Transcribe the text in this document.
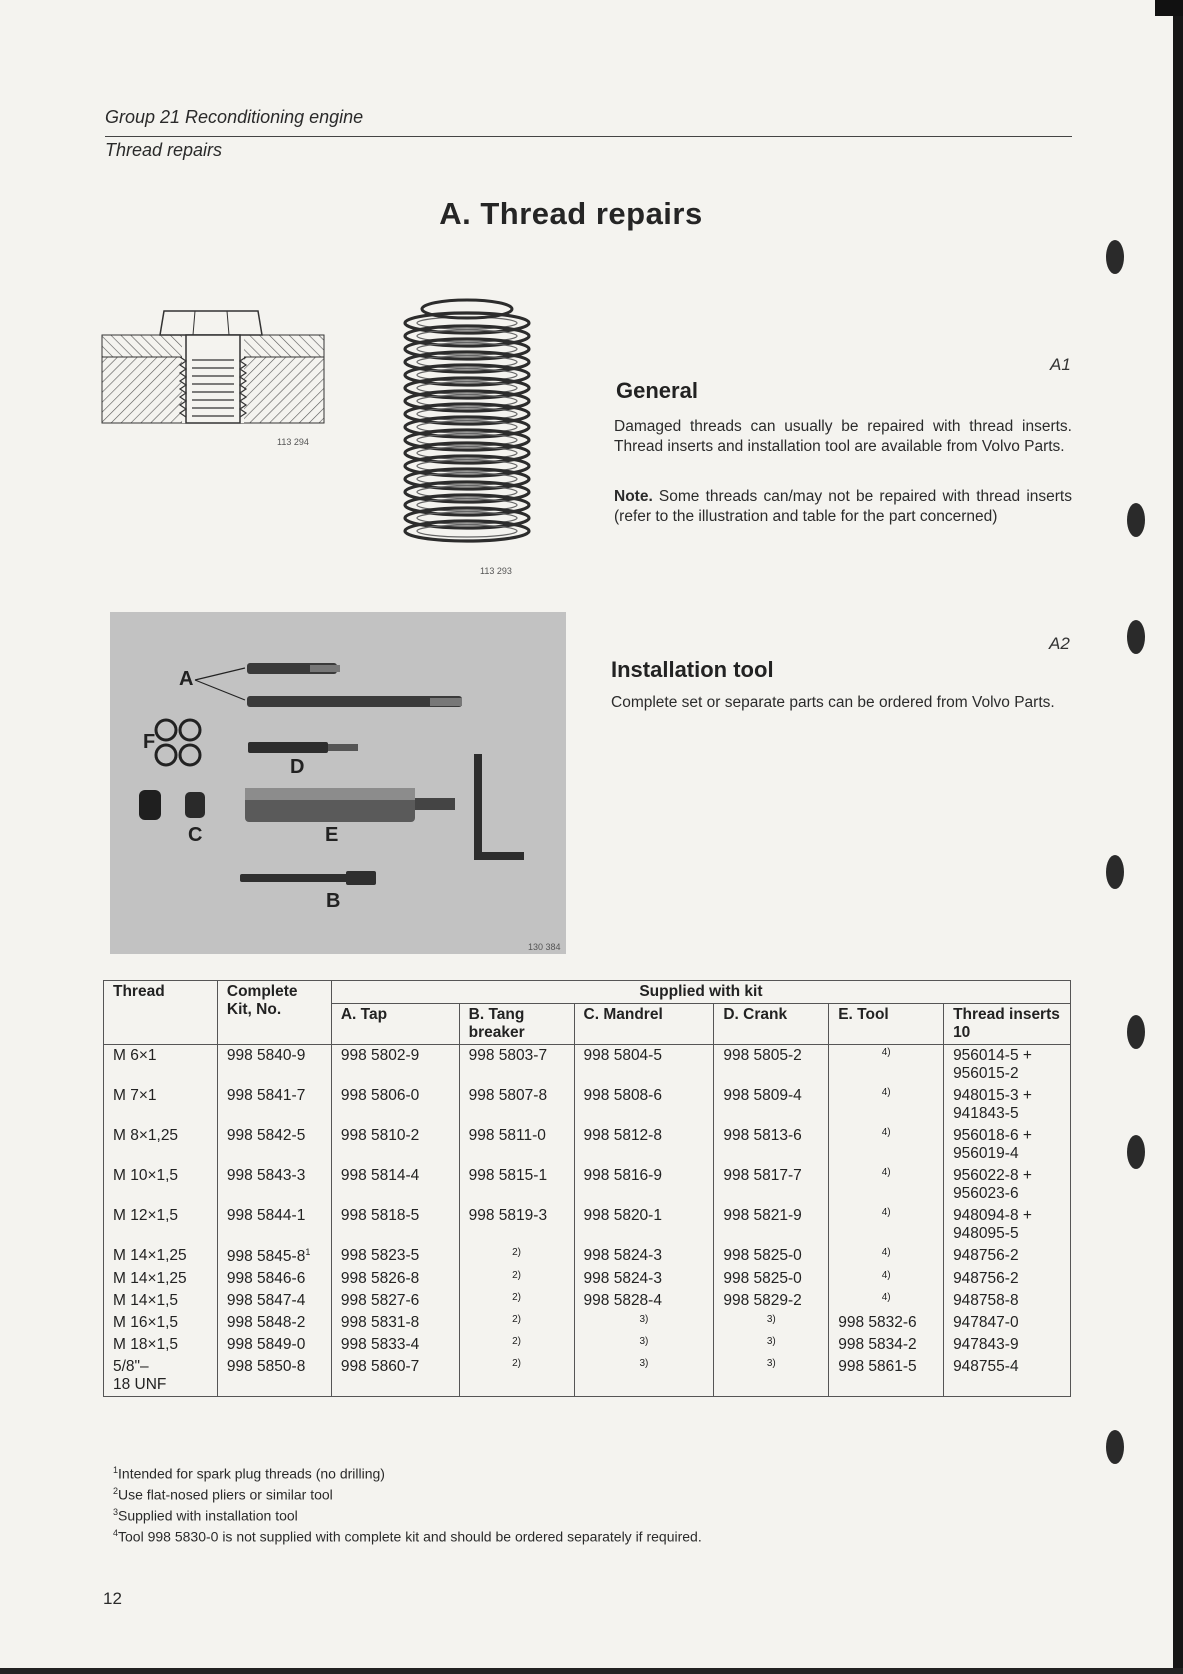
Group 21 Reconditioning engine
Thread repairs
A. Thread repairs
113 294
113 293
A1
General
Damaged threads can usually be repaired with thread inserts. Thread inserts and installation tool are available from Volvo Parts.
Note. Some threads can/may not be repaired with thread inserts (refer to the illustration and table for the part concerned)
A2
Installation tool
Complete set or separate parts can be ordered from Volvo Parts.
A
F
D
C	E
B
130 384
Thread	Complete Kit, No.	Supplied with kit					
		A. Tap	B. Tang breaker	C. Mandrel	D. Crank	E. Tool	Thread inserts 10
M 6×1	998 5840-9	998 5802-9	998 5803-7	998 5804-5	998 5805-2	4)	956014-5 +
956015-2

M 7×1	998 5841-7	998 5806-0	998 5807-8	998 5808-6	998 5809-4	4)	948015-3 +
941843-5

M 8×1,25	998 5842-5	998 5810-2	998 5811-0	998 5812-8	998 5813-6	4)	956018-6 +
956019-4

M 10×1,5	998 5843-3	998 5814-4	998 5815-1	998 5816-9	998 5817-7	4)	956022-8 +
956023-6

M 12×1,5	998 5844-1	998 5818-5	998 5819-3	998 5820-1	998 5821-9	4)	948094-8 +
948095-5

M 14×1,25	998 $5845-8^1$	998 5823-5	2)	998 5824-3	998 5825-0	4)	948756-2

M 14×1,25	998 5846-6	998 5826-8	2)	998 5824-3	998 5825-0	4)	948756-2

M 14×1,5	998 5847-4	998 5827-6	2)	998 5828-4	998 5829-2	4)	948758-8

M 16×1,5	998 5848-2	998 5831-8	2)	3)	3)	998 5832-6	947847-0

M 18×1,5	998 5849-0	998 5833-4	2)	3)	3)	998 5834-2	947843-9

5/8"–
18 UNF	998 5850-8	998 5860-7	2)	3)	3)	998 5861-5	948755-4
$^1$Intended for spark plug threads (no drilling)
$^2$Use flat-nosed pliers or similar tool
$^3$Supplied with installation tool
$^4$Tool 998 5830-0 is not supplied with complete kit and should be ordered separately if required.
12
